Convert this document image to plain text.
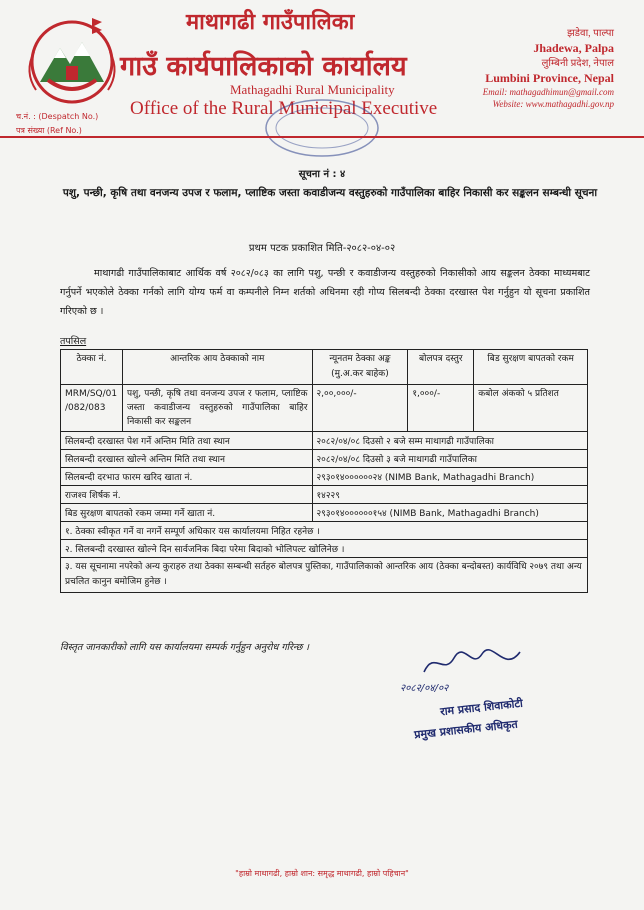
माथागढी गाउँपालिका
गाउँ कार्यपालिकाको कार्यालय
Mathagadhi Rural Municipality
Office of the Rural Municipal Executive
झडेवा, पाल्पा
Jhadewa, Palpa
लुम्बिनी प्रदेश, नेपाल
Lumbini Province, Nepal
Email: mathagadhimun@gmail.com
Website: www.mathagadhi.gov.np
च.नं. : (Despatch No.)
पत्र संख्या (Ref No.)
सूचना नं : ४
पशु, पन्छी, कृषि तथा वनजन्य उपज र फलाम, प्लाष्टिक जस्ता कवाडीजन्य वस्तुहरुको गाउँपालिका बाहिर निकासी कर सङ्कलन सम्बन्धी सूचना
प्रथम पटक प्रकाशित मिति-२०८२-०४-०२
माथागढी गाउँपालिकाबाट आर्थिक वर्ष २०८२/०८३ का लागि पशु, पन्छी र कवाडीजन्य वस्तुहरुको निकासीको आय सङ्कलन ठेक्का माध्यमबाट गर्नुपर्ने भएकोले ठेक्का गर्नको लागि योग्य फर्म वा कम्पनीले निम्न शर्तको अधिनमा रही गोप्य सिलबन्दी ठेक्का दरखास्त पेश गर्नुहुन यो सूचना प्रकाशित गरिएको छ ।
तपसिल
ठेक्का नं.	आन्तरिक आय ठेक्काको नाम	न्यूनतम ठेक्का अङ्क (मु.अ.कर बाहेक)	बोलपत्र दस्तुर	बिड सुरक्षण बापतको रकम
MRM/SQ/01 /082/083	पशु, पन्छी, कृषि तथा वनजन्य उपज र फलाम, प्लाष्टिक जस्ता कवाडीजन्य वस्तुहरुको गाउँपालिका बाहिर निकासी कर सङ्कलन	२,००,०००/-	१,०००/-	कबोल अंकको ५ प्रतिशत
सिलबन्दी दरखास्त पेश गर्ने अन्तिम मिति तथा स्थान		२०८२/०४/०८ दिउसो २ बजे सम्म माथागढी गाउँपालिका		
सिलबन्दी दरखास्त खोल्ने अन्तिम मिति तथा स्थान		२०८२/०४/०८ दिउसो ३ बजे माथागढी गाउँपालिका		
सिलबन्दी दरभाउ फारम खरिद खाता नं.		२९३०१४००००००२४ (NIMB Bank, Mathagadhi Branch)		
राजश्व शिर्षक नं.		१४२२९		
बिड सुरक्षण बापतको रकम जम्मा गर्ने खाता नं.		२९३०१४००००००१५४ (NIMB Bank, Mathagadhi Branch)		
१. ठेक्का स्वीकृत गर्ने वा नगर्ने सम्पूर्ण अधिकार यस कार्यालयमा निहित रहनेछ ।				
२. सिलबन्दी दरखास्त खोल्ने दिन सार्वजनिक बिदा परेमा बिदाको भोलिपल्ट खोलिनेछ ।				
३. यस सूचनामा नपरेको अन्य कुराहरु तथा ठेक्का सम्बन्धी सर्तहरु बोलपत्र पुस्तिका, गाउँपालिकाको आन्तरिक आय (ठेक्का बन्दोबस्त) कार्यविधि २०७९ तथा अन्य प्रचलित कानुन बमोजिम हुनेछ ।				
विस्तृत जानकारीको लागि यस कार्यालयमा सम्पर्क गर्नुहुन अनुरोध गरिन्छ ।
२०८२/०४/०२
राम प्रसाद शिवाकोटी
प्रमुख प्रशासकीय अधिकृत
"हाम्रो माथागढी, हाम्रो शान: समृद्ध माथागढी, हाम्रो पहिचान"
